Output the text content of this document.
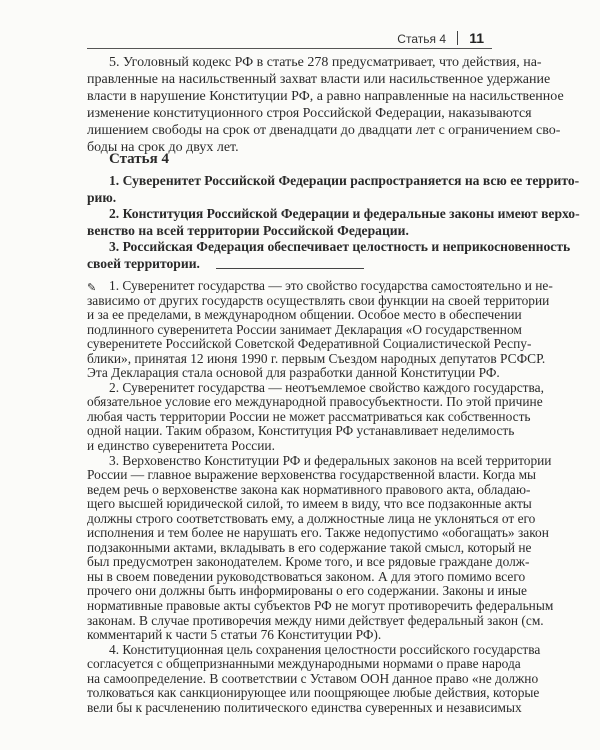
Статья 4 11
5. Уголовный кодекс РФ в статье 278 предусматривает, что действия, на-
правленные на насильственный захват власти или насильственное удержание
власти в нарушение Конституции РФ, а равно направленные на насильственное
изменение конституционного строя Российской Федерации, наказываются
лишением свободы на срок от двенадцати до двадцати лет с ограничением сво-
боды на срок до двух лет.
Статья 4
1. Суверенитет Российской Федерации распространяется на всю ее террито-
рию.
2. Конституция Российской Федерации и федеральные законы имеют верхо-
венство на всей территории Российской Федерации.
3. Российская Федерация обеспечивает целостность и неприкосновенность
своей территории.
✎ 1. Суверенитет государства — это свойство государства самостоятельно и не-
зависимо от других государств осуществлять свои функции на своей территории
и за ее пределами, в международном общении. Особое место в обеспечении
подлинного суверенитета России занимает Декларация «О государственном
суверенитете Российской Советской Федеративной Социалистической Респу-
блики», принятая 12 июня 1990 г. первым Съездом народных депутатов РСФСР.
Эта Декларация стала основой для разработки данной Конституции РФ.
2. Суверенитет государства — неотъемлемое свойство каждого государства,
обязательное условие его международной правосубъектности. По этой причине
любая часть территории России не может рассматриваться как собственность
одной нации. Таким образом, Конституция РФ устанавливает неделимость
и единство суверенитета России.
3. Верховенство Конституции РФ и федеральных законов на всей территории
России — главное выражение верховенства государственной власти. Когда мы
ведем речь о верховенстве закона как нормативного правового акта, обладаю-
щего высшей юридической силой, то имеем в виду, что все подзаконные акты
должны строго соответствовать ему, а должностные лица не уклоняться от его
исполнения и тем более не нарушать его. Также недопустимо «обогащать» закон
подзаконными актами, вкладывать в его содержание такой смысл, который не
был предусмотрен законодателем. Кроме того, и все рядовые граждане долж-
ны в своем поведении руководствоваться законом. А для этого помимо всего
прочего они должны быть информированы о его содержании. Законы и иные
нормативные правовые акты субъектов РФ не могут противоречить федеральным
законам. В случае противоречия между ними действует федеральный закон (см.
комментарий к части 5 статьи 76 Конституции РФ).
4. Конституционная цель сохранения целостности российского государства
согласуется с общепризнанными международными нормами о праве народа
на самоопределение. В соответствии с Уставом ООН данное право «не должно
толковаться как санкционирующее или поощряющее любые действия, которые
вели бы к расчленению политического единства суверенных и независимых
